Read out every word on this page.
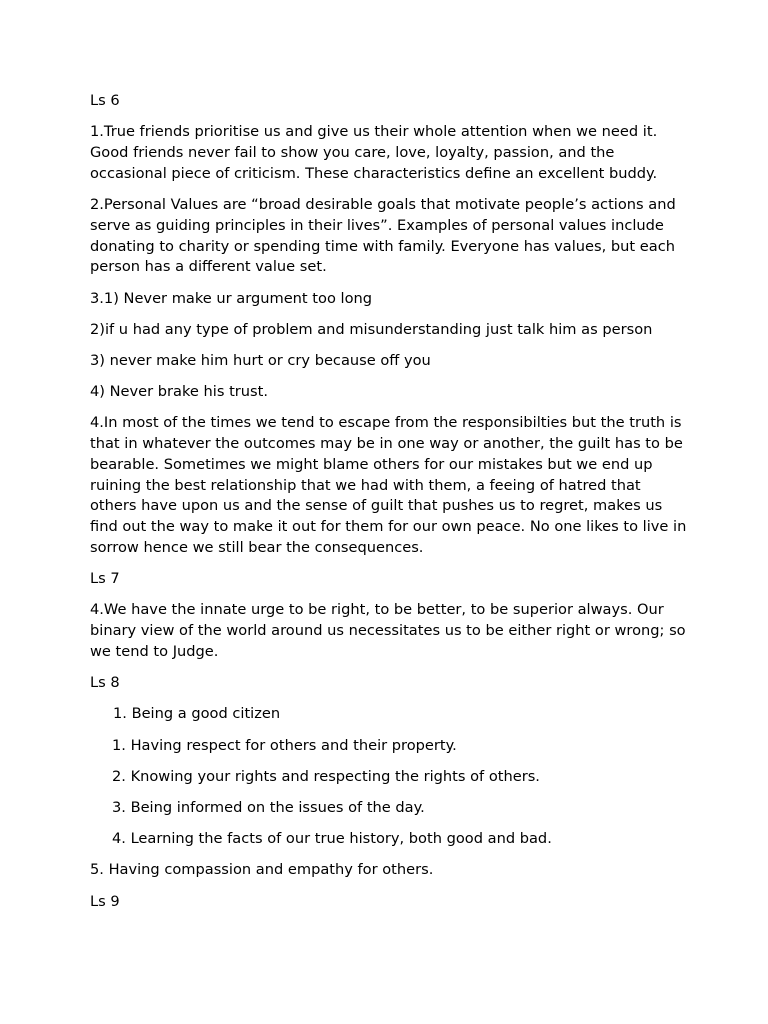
Ls 6

1.True friends prioritise us and give us their whole attention when we need it. Good friends never fail to show you care, love, loyalty, passion, and the occasional piece of criticism. These characteristics define an excellent buddy.

2.Personal Values are “broad desirable goals that motivate people’s actions and serve as guiding principles in their lives”. Examples of personal values include donating to charity or spending time with family. Everyone has values, but each person has a different value set.

3.1) Never make ur argument too long

2)if u had any type of problem and misunderstanding just talk him as person

3) never make him hurt or cry because off you

4) Never brake his trust.

4.In most of the times we tend to escape from the responsibilties but the truth is that in whatever the outcomes may be in one way or another, the guilt has to be bearable. Sometimes we might blame others for our mistakes but we end up ruining the best relationship that we had with them, a feeing of hatred that others have upon us and the sense of guilt that pushes us to regret, makes us find out the way to make it out for them for our own peace. No one likes to live in sorrow hence we still bear the consequences.

Ls 7

4.We have the innate urge to be right, to be better, to be superior always. Our binary view of the world around us necessitates us to be either right or wrong; so we tend to Judge.

Ls 8

1. Being a good citizen

1. Having respect for others and their property.

2. Knowing your rights and respecting the rights of others.

3. Being informed on the issues of the day.

4. Learning the facts of our true history, both good and bad.

5. Having compassion and empathy for others.

Ls 9
